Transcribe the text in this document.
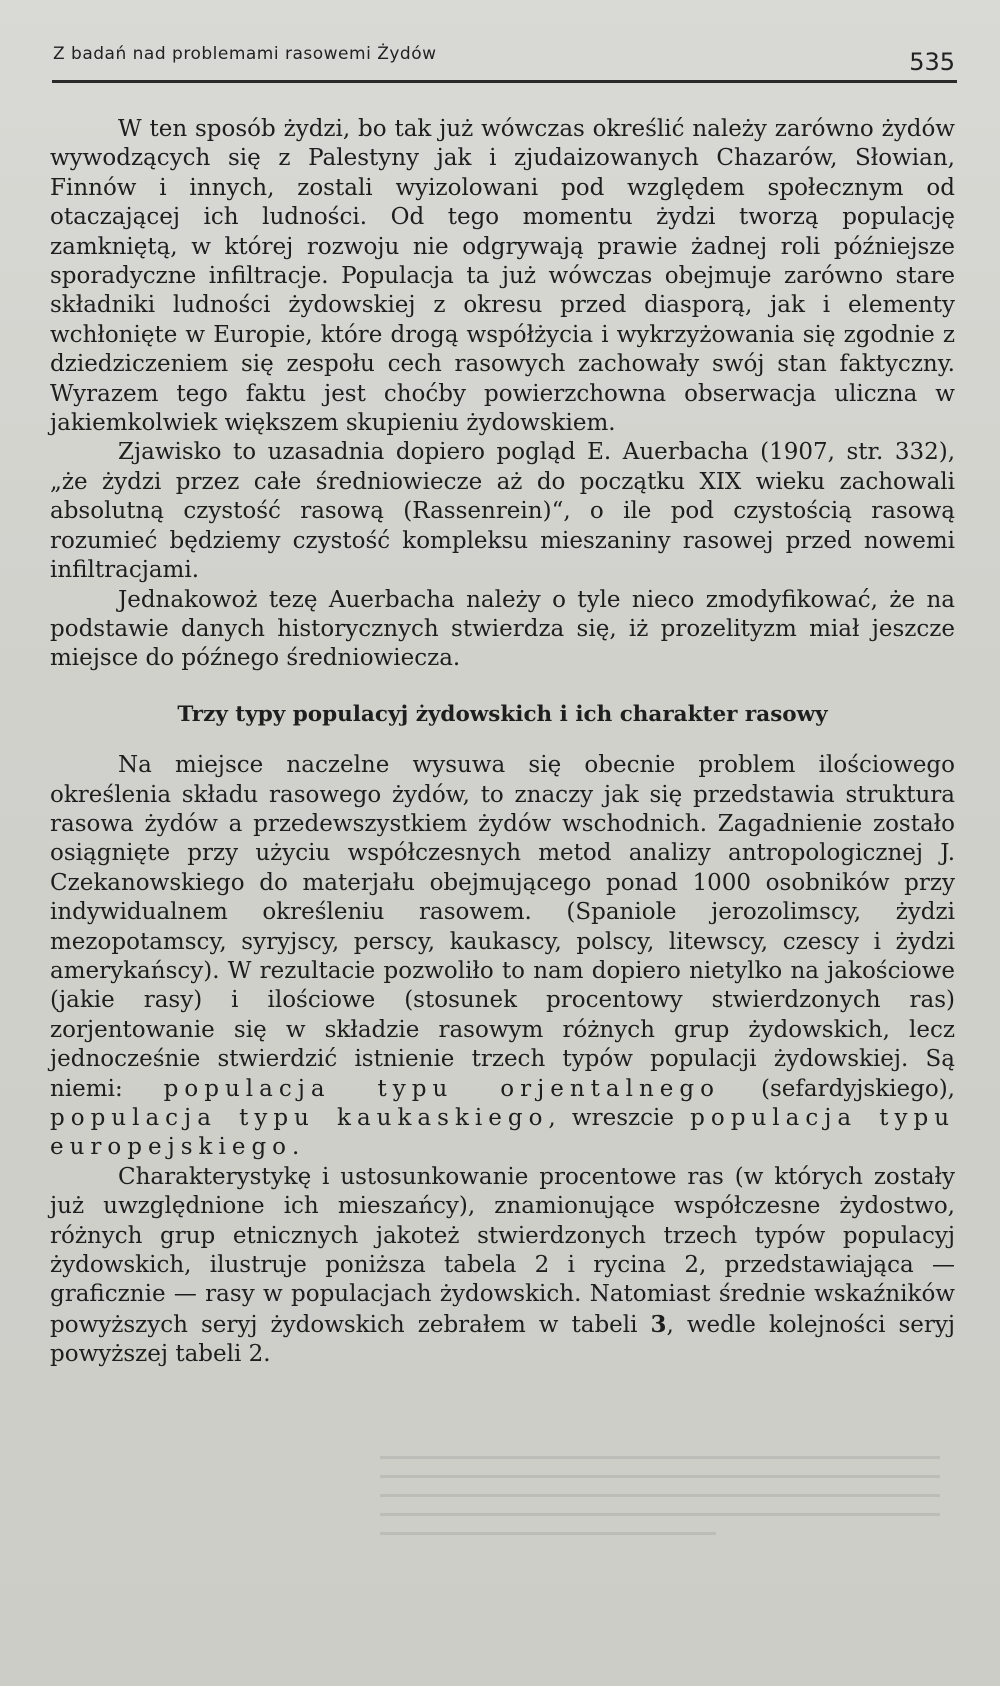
Z badań nad problemami rasowemi Żydów	535

W ten sposób żydzi, bo tak już wówczas określić należy zarówno żydów wywodzących się z Palestyny jak i zjudaizowanych Chazarów, Słowian, Finnów i innych, zostali wyizolowani pod względem społecznym od otaczającej ich ludności. Od tego momentu żydzi tworzą populację zamkniętą, w której rozwoju nie odgrywają prawie żadnej roli późniejsze sporadyczne infiltracje. Populacja ta już wówczas obejmuje zarówno stare składniki ludności żydowskiej z okresu przed diasporą, jak i elementy wchłonięte w Europie, które drogą współżycia i wykrzyżowania się zgodnie z dziedziczeniem się zespołu cech rasowych zachowały swój stan faktyczny. Wyrazem tego faktu jest choćby powierzchowna obserwacja uliczna w jakiemkolwiek większem skupieniu żydowskiem.

Zjawisko to uzasadnia dopiero pogląd E. Auerbacha (1907, str. 332), „że żydzi przez całe średniowiecze aż do początku XIX wieku zachowali absolutną czystość rasową (Rassenrein)“, o ile pod czystością rasową rozumieć będziemy czystość kompleksu mieszaniny rasowej przed nowemi infiltracjami.

Jednakowoż tezę Auerbacha należy o tyle nieco zmodyfikować, że na podstawie danych historycznych stwierdza się, iż prozelityzm miał jeszcze miejsce do późnego średniowiecza.

Trzy typy populacyj żydowskich i ich charakter rasowy

Na miejsce naczelne wysuwa się obecnie problem ilościowego określenia składu rasowego żydów, to znaczy jak się przedstawia struktura rasowa żydów a przedewszystkiem żydów wschodnich. Zagadnienie zostało osiągnięte przy użyciu współczesnych metod analizy antropologicznej J. Czekanowskiego do materjału obejmującego ponad 1000 osobników przy indywidualnem określeniu rasowem. (Spaniole jerozolimscy, żydzi mezopotamscy, syryjscy, perscy, kaukascy, polscy, litewscy, czescy i żydzi amerykańscy). W rezultacie pozwoliło to nam dopiero nietylko na jakościowe (jakie rasy) i ilościowe (stosunek procentowy stwierdzonych ras) zorjentowanie się w składzie rasowym różnych grup żydowskich, lecz jednocześnie stwierdzić istnienie trzech typów populacji żydowskiej. Są niemi: populacja typu orjentalnego (sefardyjskiego), populacja typu kaukaskiego, wreszcie populacja typu europejskiego.

Charakterystykę i ustosunkowanie procentowe ras (w których zostały już uwzględnione ich mieszańcy), znamionujące współczesne żydostwo, różnych grup etnicznych jakoteż stwierdzonych trzech typów populacyj żydowskich, ilustruje poniższa tabela 2 i rycina 2, przedstawiająca — graficznie — rasy w populacjach żydowskich. Natomiast średnie wskaźników powyższych seryj żydowskich zebrałem w tabeli 3, wedle kolejności seryj powyższej tabeli 2.
